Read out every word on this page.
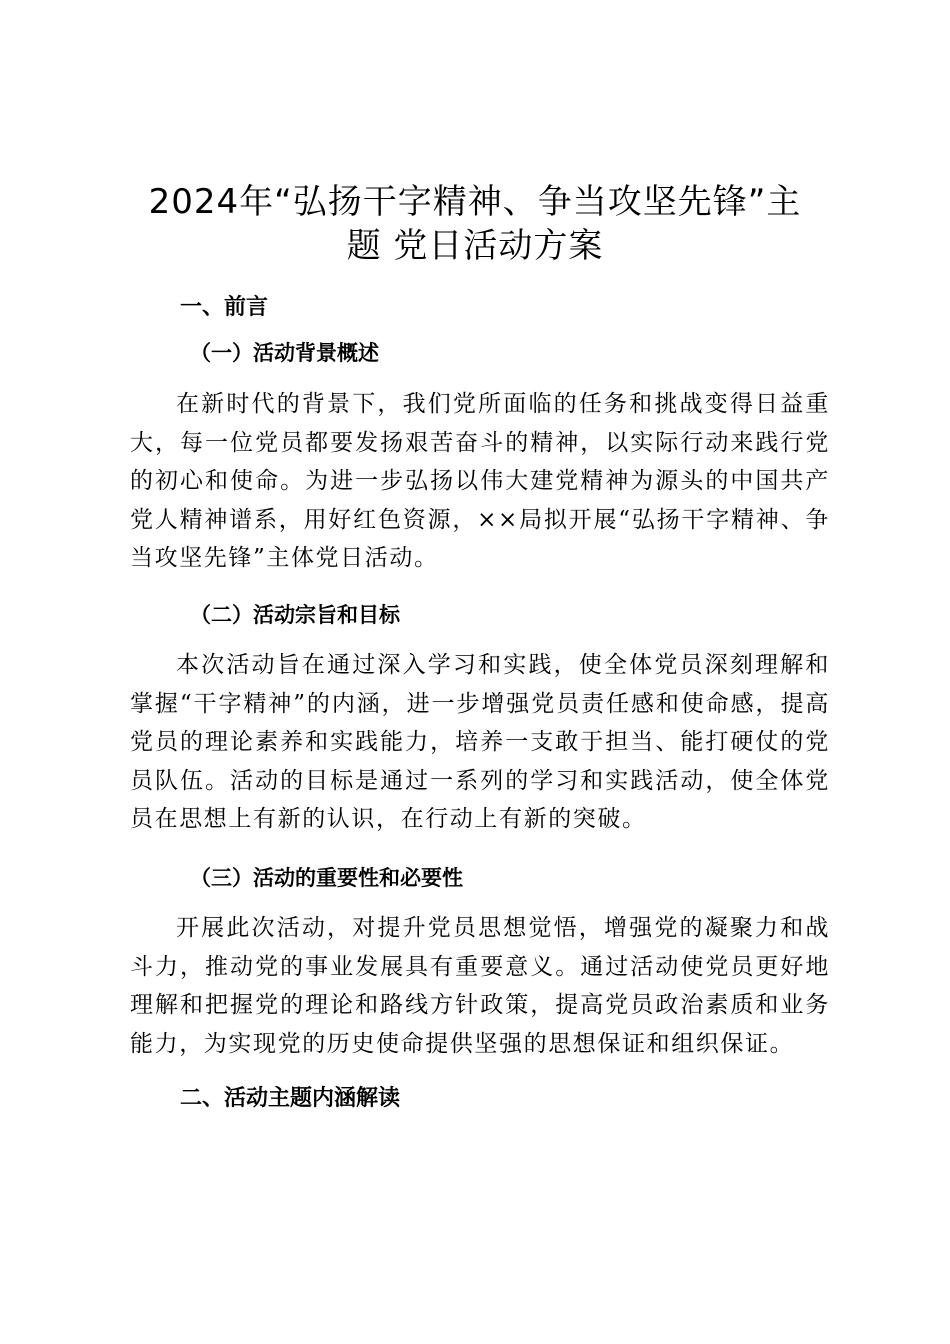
2024年“弘扬干字精神、争当攻坚先锋”主
题 党日活动方案
一、前言
（一）活动背景概述
在新时代的背景下，我们党所面临的任务和挑战变得日益重大，每一位党员都要发扬艰苦奋斗的精神，以实际行动来践行党的初心和使命。为进一步弘扬以伟大建党精神为源头的中国共产党人精神谱系，用好红色资源，××局拟开展“弘扬干字精神、争当攻坚先锋”主体党日活动。
（二）活动宗旨和目标
本次活动旨在通过深入学习和实践，使全体党员深刻理解和掌握“干字精神”的内涵，进一步增强党员责任感和使命感，提高党员的理论素养和实践能力，培养一支敢于担当、能打硬仗的党员队伍。活动的目标是通过一系列的学习和实践活动，使全体党员在思想上有新的认识，在行动上有新的突破。
（三）活动的重要性和必要性
开展此次活动，对提升党员思想觉悟，增强党的凝聚力和战斗力，推动党的事业发展具有重要意义。通过活动使党员更好地理解和把握党的理论和路线方针政策，提高党员政治素质和业务能力，为实现党的历史使命提供坚强的思想保证和组织保证。
二、活动主题内涵解读
